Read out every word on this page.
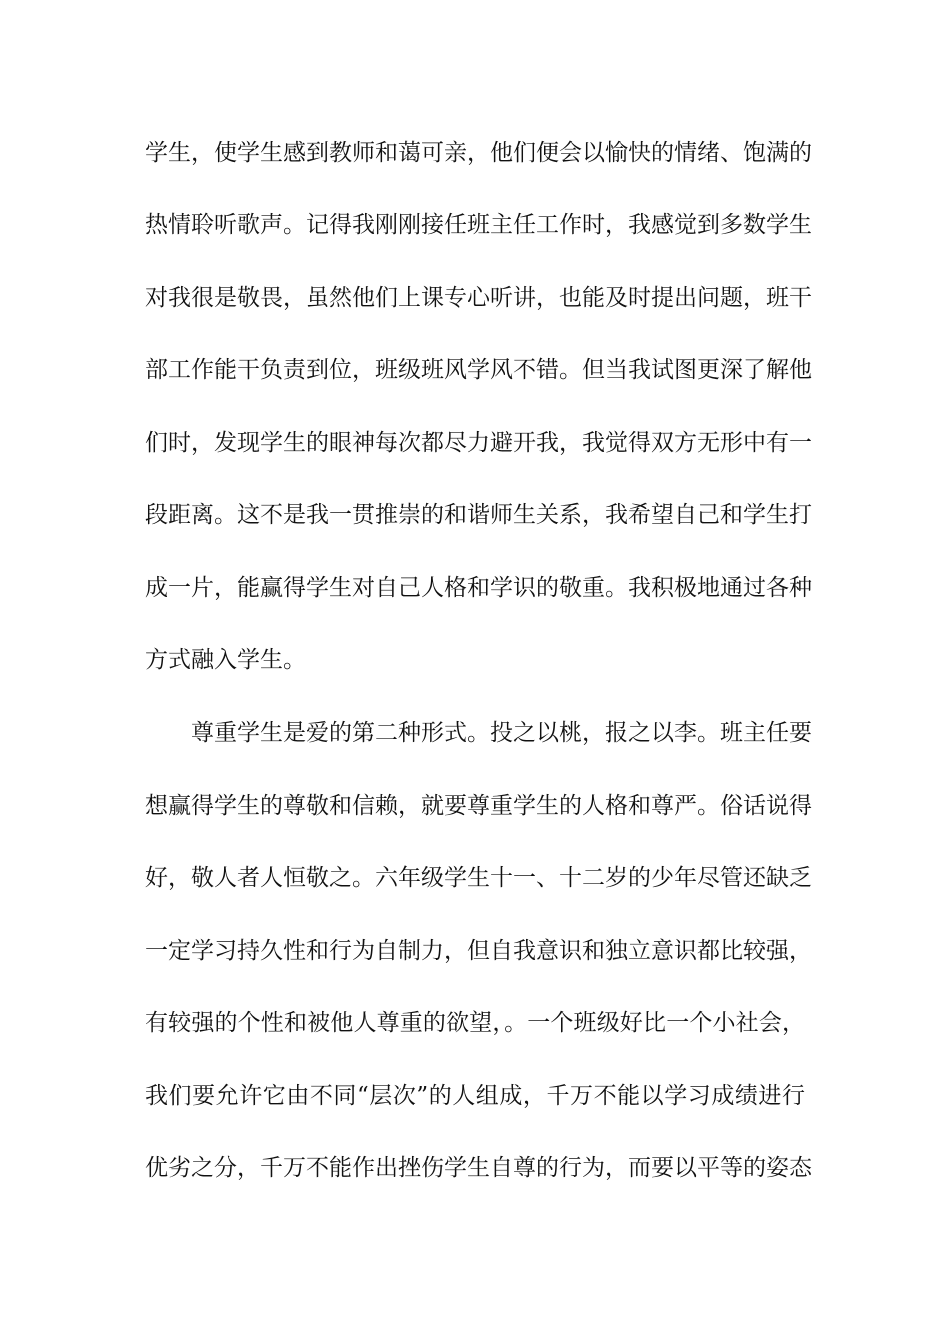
学生，使学生感到教师和蔼可亲，他们便会以愉快的情绪、饱满的
热情聆听歌声。记得我刚刚接任班主任工作时，我感觉到多数学生
对我很是敬畏，虽然他们上课专心听讲，也能及时提出问题，班干
部工作能干负责到位，班级班风学风不错。但当我试图更深了解他
们时，发现学生的眼神每次都尽力避开我，我觉得双方无形中有一
段距离。这不是我一贯推崇的和谐师生关系，我希望自己和学生打
成一片，能赢得学生对自己人格和学识的敬重。我积极地通过各种
方式融入学生。
尊重学生是爱的第二种形式。投之以桃，报之以李。班主任要
想赢得学生的尊敬和信赖，就要尊重学生的人格和尊严。俗话说得
好，敬人者人恒敬之。六年级学生十一、十二岁的少年尽管还缺乏
一定学习持久性和行为自制力，但自我意识和独立意识都比较强，
有较强的个性和被他人尊重的欲望，。一个班级好比一个小社会，
我们要允许它由不同“层次”的人组成，千万不能以学习成绩进行
优劣之分，千万不能作出挫伤学生自尊的行为，而要以平等的姿态
